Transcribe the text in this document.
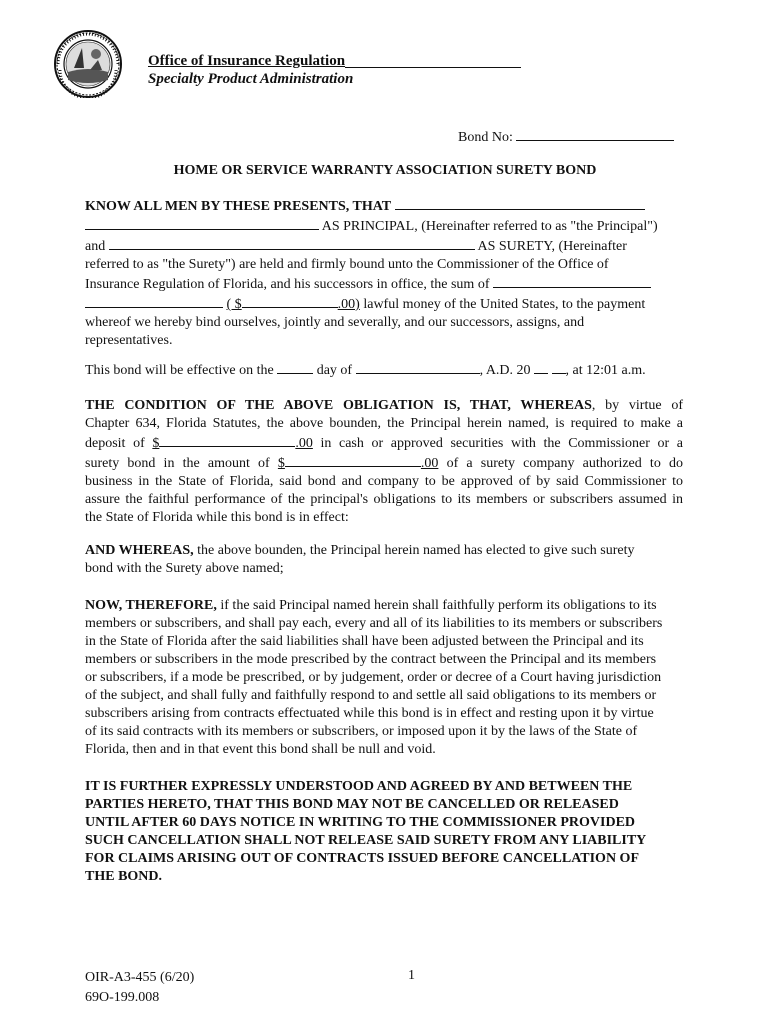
Office of Insurance Regulation
Specialty Product Administration
Bond No:
HOME OR SERVICE WARRANTY ASSOCIATION SURETY BOND
KNOW ALL MEN BY THESE PRESENTS, THAT
AS PRINCIPAL, (Hereinafter referred to as "the Principal")
and	AS SURETY, (Hereinafter
referred to as "the Surety") are held and firmly bound unto the Commissioner of the Office of
Insurance Regulation of Florida, and his successors in office, the sum of
( $	.00) lawful money of the United States, to the payment
whereof we hereby bind ourselves, jointly and severally, and our successors, assigns, and
representatives.
This bond will be effective on the	day of	, A.D. 20	, at 12:01 a.m.
THE CONDITION OF THE ABOVE OBLIGATION IS, THAT, WHEREAS, by virtue of
Chapter 634, Florida Statutes, the above bounden, the Principal herein named, is required to make a
deposit of $	.00 in cash or approved securities with the Commissioner or a
surety bond in the amount of $	.00 of a surety company authorized to do
business in the State of Florida, said bond and company to be approved of by said Commissioner to
assure the faithful performance of the principal's obligations to its members or subscribers assumed in
the State of Florida while this bond is in effect:
AND WHEREAS, the above bounden, the Principal herein named has elected to give such surety
bond with the Surety above named;
NOW, THEREFORE, if the said Principal named herein shall faithfully perform its obligations to its
members or subscribers, and shall pay each, every and all of its liabilities to its members or subscribers
in the State of Florida after the said liabilities shall have been adjusted between the Principal and its
members or subscribers in the mode prescribed by the contract between the Principal and its members
or subscribers, if a mode be prescribed, or by judgement, order or decree of a Court having jurisdiction
of the subject, and shall fully and faithfully respond to and settle all said obligations to its members or
subscribers arising from contracts effectuated while this bond is in effect and resting upon it by virtue
of its said contracts with its members or subscribers, or imposed upon it by the laws of the State of
Florida, then and in that event this bond shall be null and void.
IT IS FURTHER EXPRESSLY UNDERSTOOD AND AGREED BY AND BETWEEN THE
PARTIES HERETO, THAT THIS BOND MAY NOT BE CANCELLED OR RELEASED
UNTIL AFTER 60 DAYS NOTICE IN WRITING TO THE COMMISSIONER PROVIDED
SUCH CANCELLATION SHALL NOT RELEASE SAID SURETY FROM ANY LIABILITY
FOR CLAIMS ARISING OUT OF CONTRACTS ISSUED BEFORE CANCELLATION OF
THE BOND.
OIR-A3-455 (6/20)
69O-199.008
1
